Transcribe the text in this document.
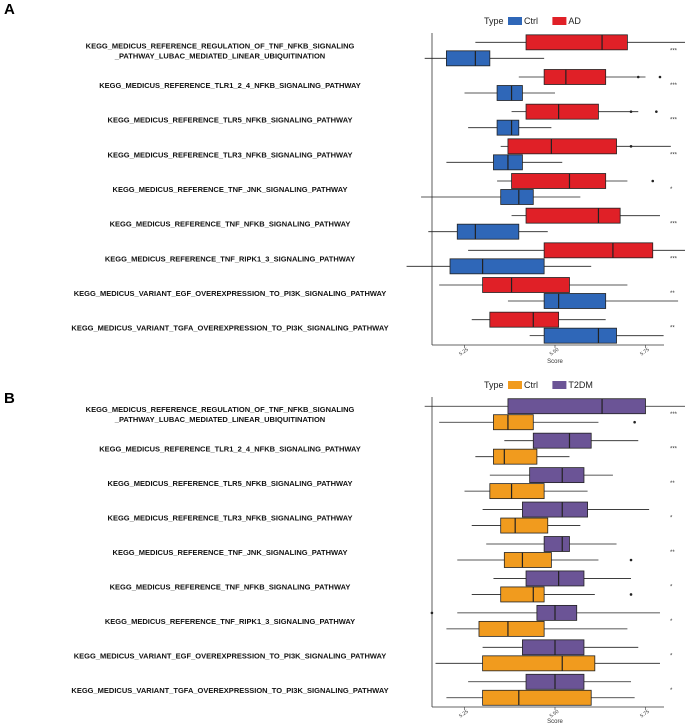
A
Type Ctrl	AD
5.25	5.50	5.75
Score
KEGG_MEDICUS_REFERENCE_REGULATION_OF_TNF_NFKB_SIGNALING
_PATHWAY_LUBAC_MEDIATED_LINEAR_UBIQUITINATION	***
KEGG_MEDICUS_REFERENCE_TLR1_2_4_NFKB_SIGNALING_PATHWAY	***
KEGG_MEDICUS_REFERENCE_TLR5_NFKB_SIGNALING_PATHWAY	***
KEGG_MEDICUS_REFERENCE_TLR3_NFKB_SIGNALING_PATHWAY	***
KEGG_MEDICUS_REFERENCE_TNF_JNK_SIGNALING_PATHWAY	*
KEGG_MEDICUS_REFERENCE_TNF_NFKB_SIGNALING_PATHWAY	***
KEGG_MEDICUS_REFERENCE_TNF_RIPK1_3_SIGNALING_PATHWAY	***
KEGG_MEDICUS_VARIANT_EGF_OVEREXPRESSION_TO_PI3K_SIGNALING_PATHWAY	**
KEGG_MEDICUS_VARIANT_TGFA_OVEREXPRESSION_TO_PI3K_SIGNALING_PATHWAY	**
B
Type Ctrl	T2DM
5.25	5.50	5.75
Score
KEGG_MEDICUS_REFERENCE_REGULATION_OF_TNF_NFKB_SIGNALING
_PATHWAY_LUBAC_MEDIATED_LINEAR_UBIQUITINATION	***
KEGG_MEDICUS_REFERENCE_TLR1_2_4_NFKB_SIGNALING_PATHWAY	***
KEGG_MEDICUS_REFERENCE_TLR5_NFKB_SIGNALING_PATHWAY	**
KEGG_MEDICUS_REFERENCE_TLR3_NFKB_SIGNALING_PATHWAY	*
KEGG_MEDICUS_REFERENCE_TNF_JNK_SIGNALING_PATHWAY	**
KEGG_MEDICUS_REFERENCE_TNF_NFKB_SIGNALING_PATHWAY	*
KEGG_MEDICUS_REFERENCE_TNF_RIPK1_3_SIGNALING_PATHWAY	*
KEGG_MEDICUS_VARIANT_EGF_OVEREXPRESSION_TO_PI3K_SIGNALING_PATHWAY	*
KEGG_MEDICUS_VARIANT_TGFA_OVEREXPRESSION_TO_PI3K_SIGNALING_PATHWAY	*
